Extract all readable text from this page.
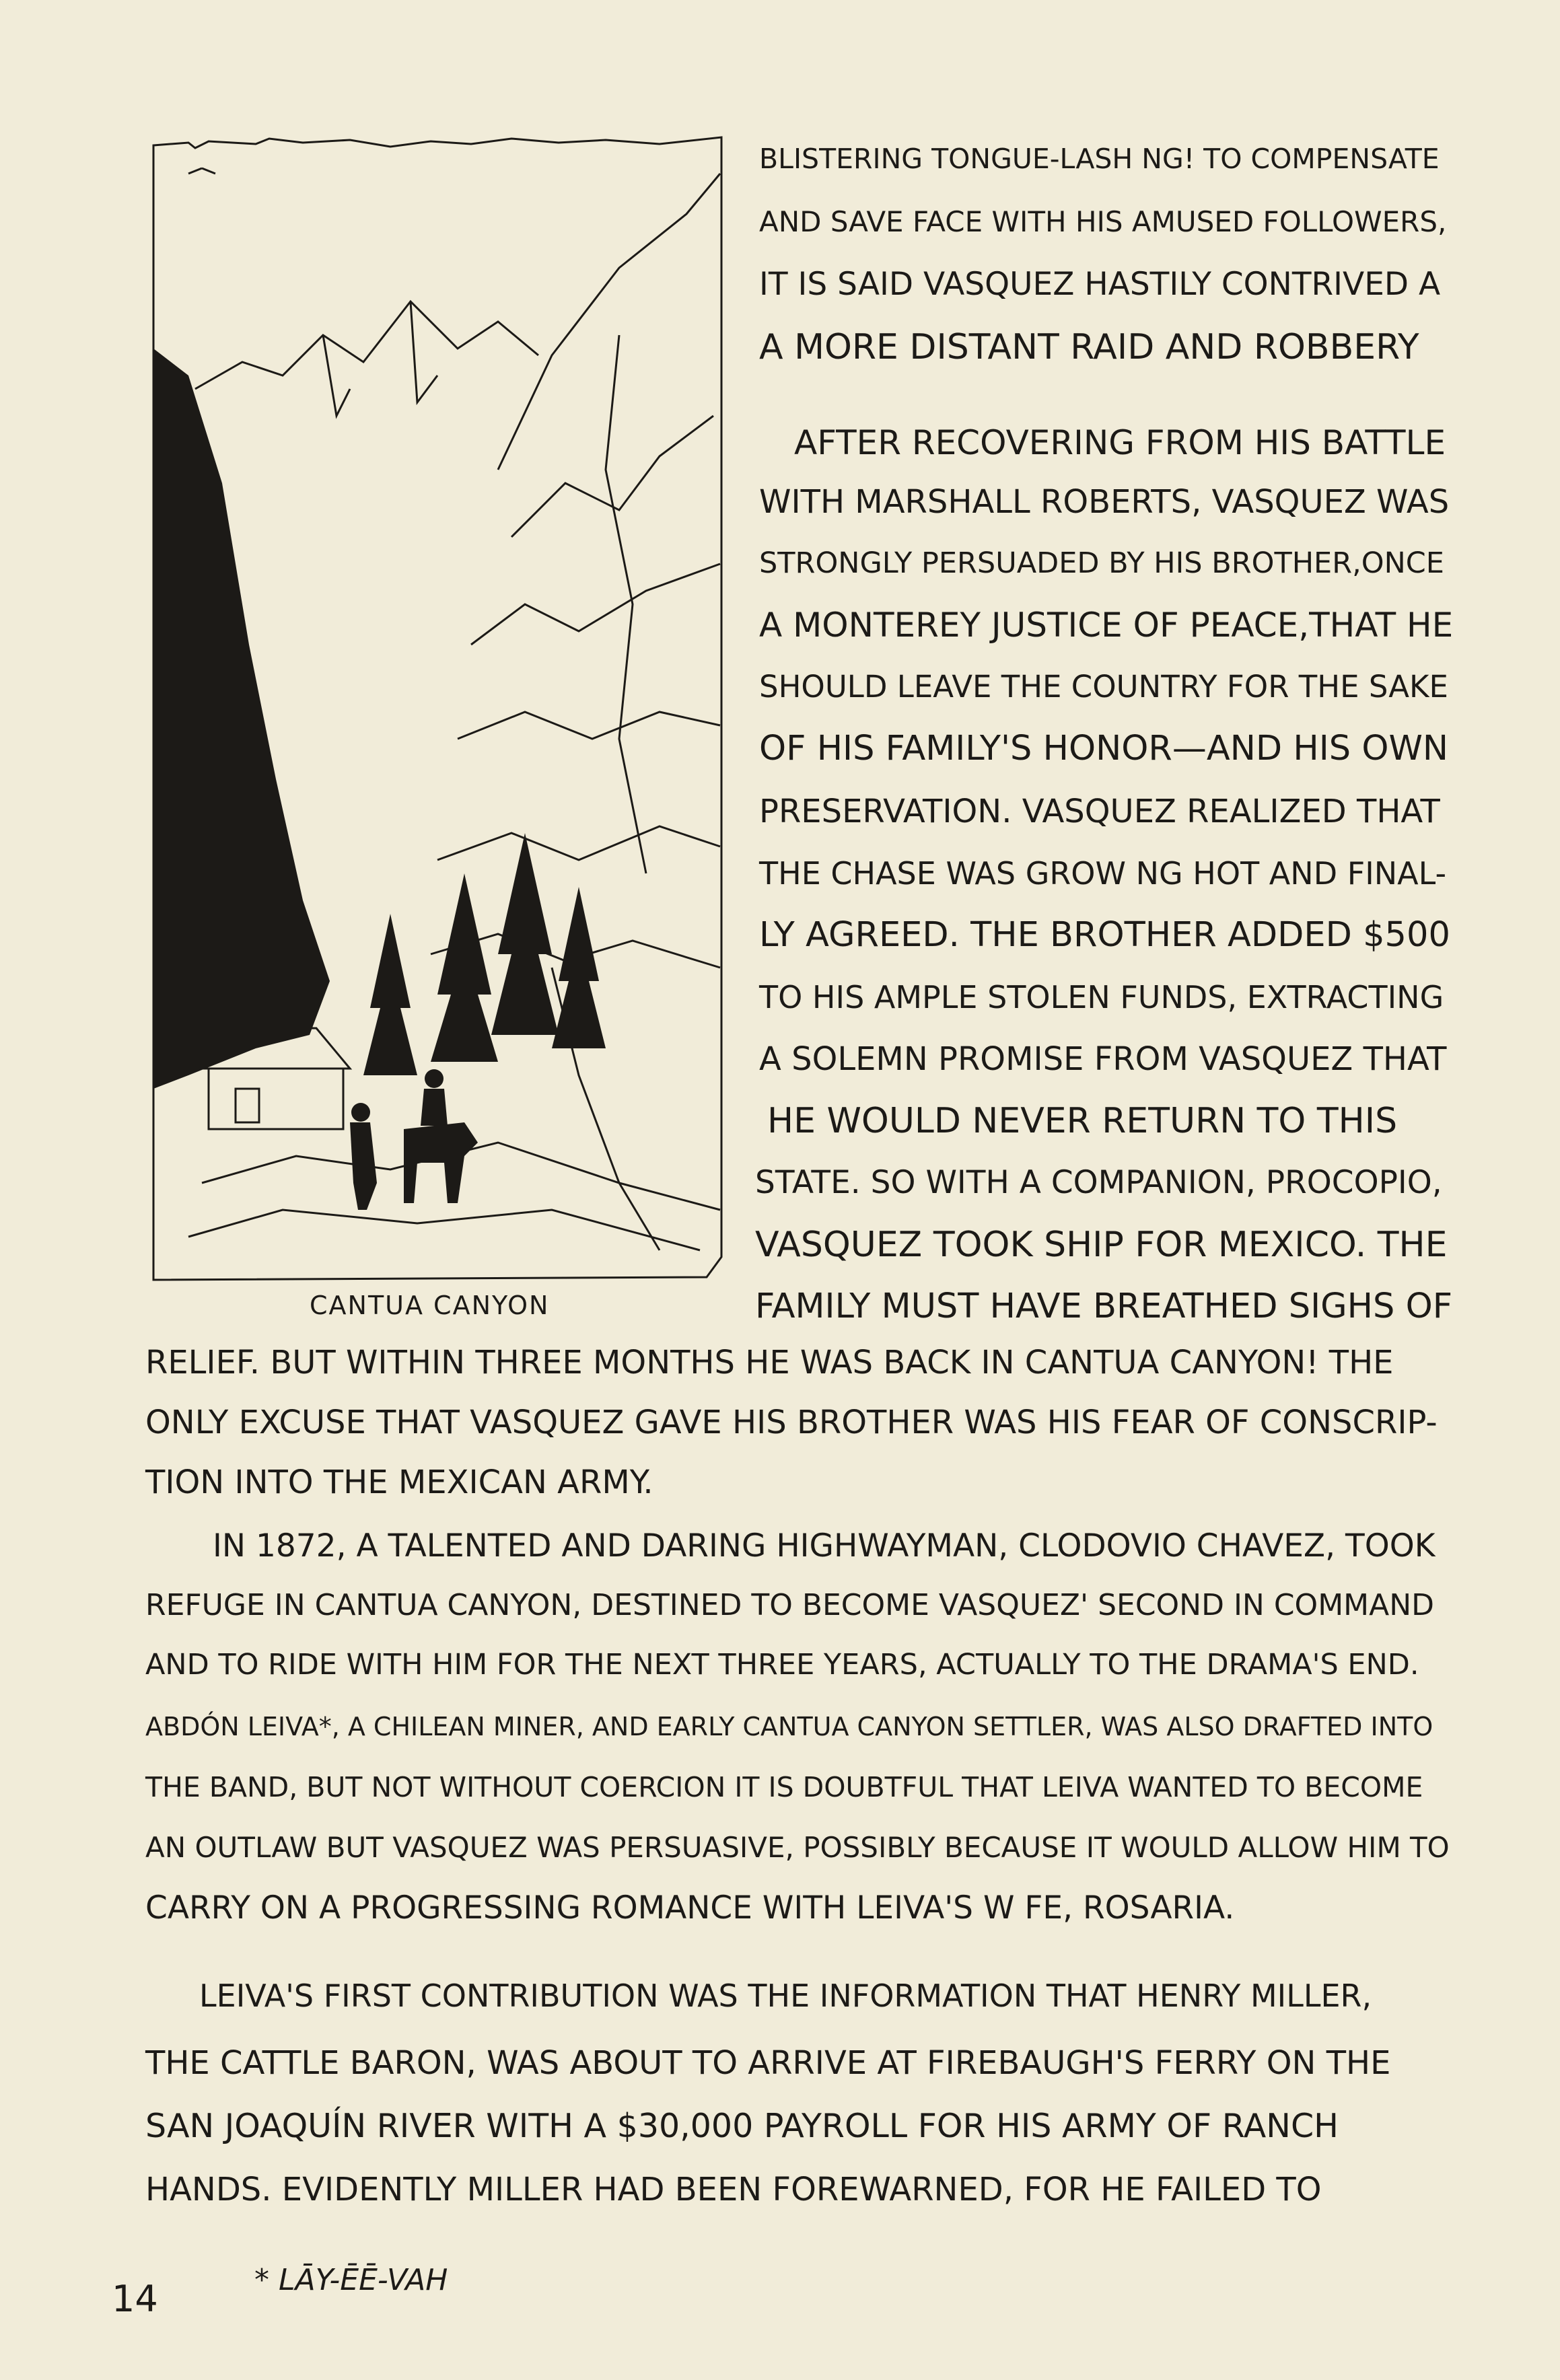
CANTUA CANYON
BLISTERING TONGUE-LASH NG! TO COMPENSATE
AND SAVE FACE WITH HIS AMUSED FOLLOWERS,
IT IS SAID VASQUEZ HASTILY CONTRIVED A
A MORE DISTANT RAID AND ROBBERY
AFTER RECOVERING FROM HIS BATTLE
WITH MARSHALL ROBERTS, VASQUEZ WAS
STRONGLY PERSUADED BY HIS BROTHER,ONCE
A MONTEREY JUSTICE OF PEACE,THAT HE
SHOULD LEAVE THE COUNTRY FOR THE SAKE
OF HIS FAMILY'S HONOR—AND HIS OWN
PRESERVATION. VASQUEZ REALIZED THAT
THE CHASE WAS GROW NG HOT AND FINAL-
LY AGREED. THE BROTHER ADDED $500
TO HIS AMPLE STOLEN FUNDS, EXTRACTING
A SOLEMN PROMISE FROM VASQUEZ THAT
HE WOULD NEVER RETURN TO THIS
STATE. SO WITH A COMPANION, PROCOPIO,
VASQUEZ TOOK SHIP FOR MEXICO. THE
FAMILY MUST HAVE BREATHED SIGHS OF
RELIEF. BUT WITHIN THREE MONTHS HE WAS BACK IN CANTUA CANYON! THE
ONLY EXCUSE THAT VASQUEZ GAVE HIS BROTHER WAS HIS FEAR OF CONSCRIP-
TION INTO THE MEXICAN ARMY.
IN 1872, A TALENTED AND DARING HIGHWAYMAN, CLODOVIO CHAVEZ, TOOK
REFUGE IN CANTUA CANYON, DESTINED TO BECOME VASQUEZ' SECOND IN COMMAND
AND TO RIDE WITH HIM FOR THE NEXT THREE YEARS, ACTUALLY TO THE DRAMA'S END.
ABDÓN LEIVA*, A CHILEAN MINER, AND EARLY CANTUA CANYON SETTLER, WAS ALSO DRAFTED INTO
THE BAND, BUT NOT WITHOUT COERCION IT IS DOUBTFUL THAT LEIVA WANTED TO BECOME
AN OUTLAW BUT VASQUEZ WAS PERSUASIVE, POSSIBLY BECAUSE IT WOULD ALLOW HIM TO
CARRY ON A PROGRESSING ROMANCE WITH LEIVA'S W FE, ROSARIA.
LEIVA'S FIRST CONTRIBUTION WAS THE INFORMATION THAT HENRY MILLER,
THE CATTLE BARON, WAS ABOUT TO ARRIVE AT FIREBAUGH'S FERRY ON THE
SAN JOAQUÍN RIVER WITH A $30,000 PAYROLL FOR HIS ARMY OF RANCH
HANDS. EVIDENTLY MILLER HAD BEEN FOREWARNED, FOR HE FAILED TO
14	* LĀY-ĒĒ-VAH
